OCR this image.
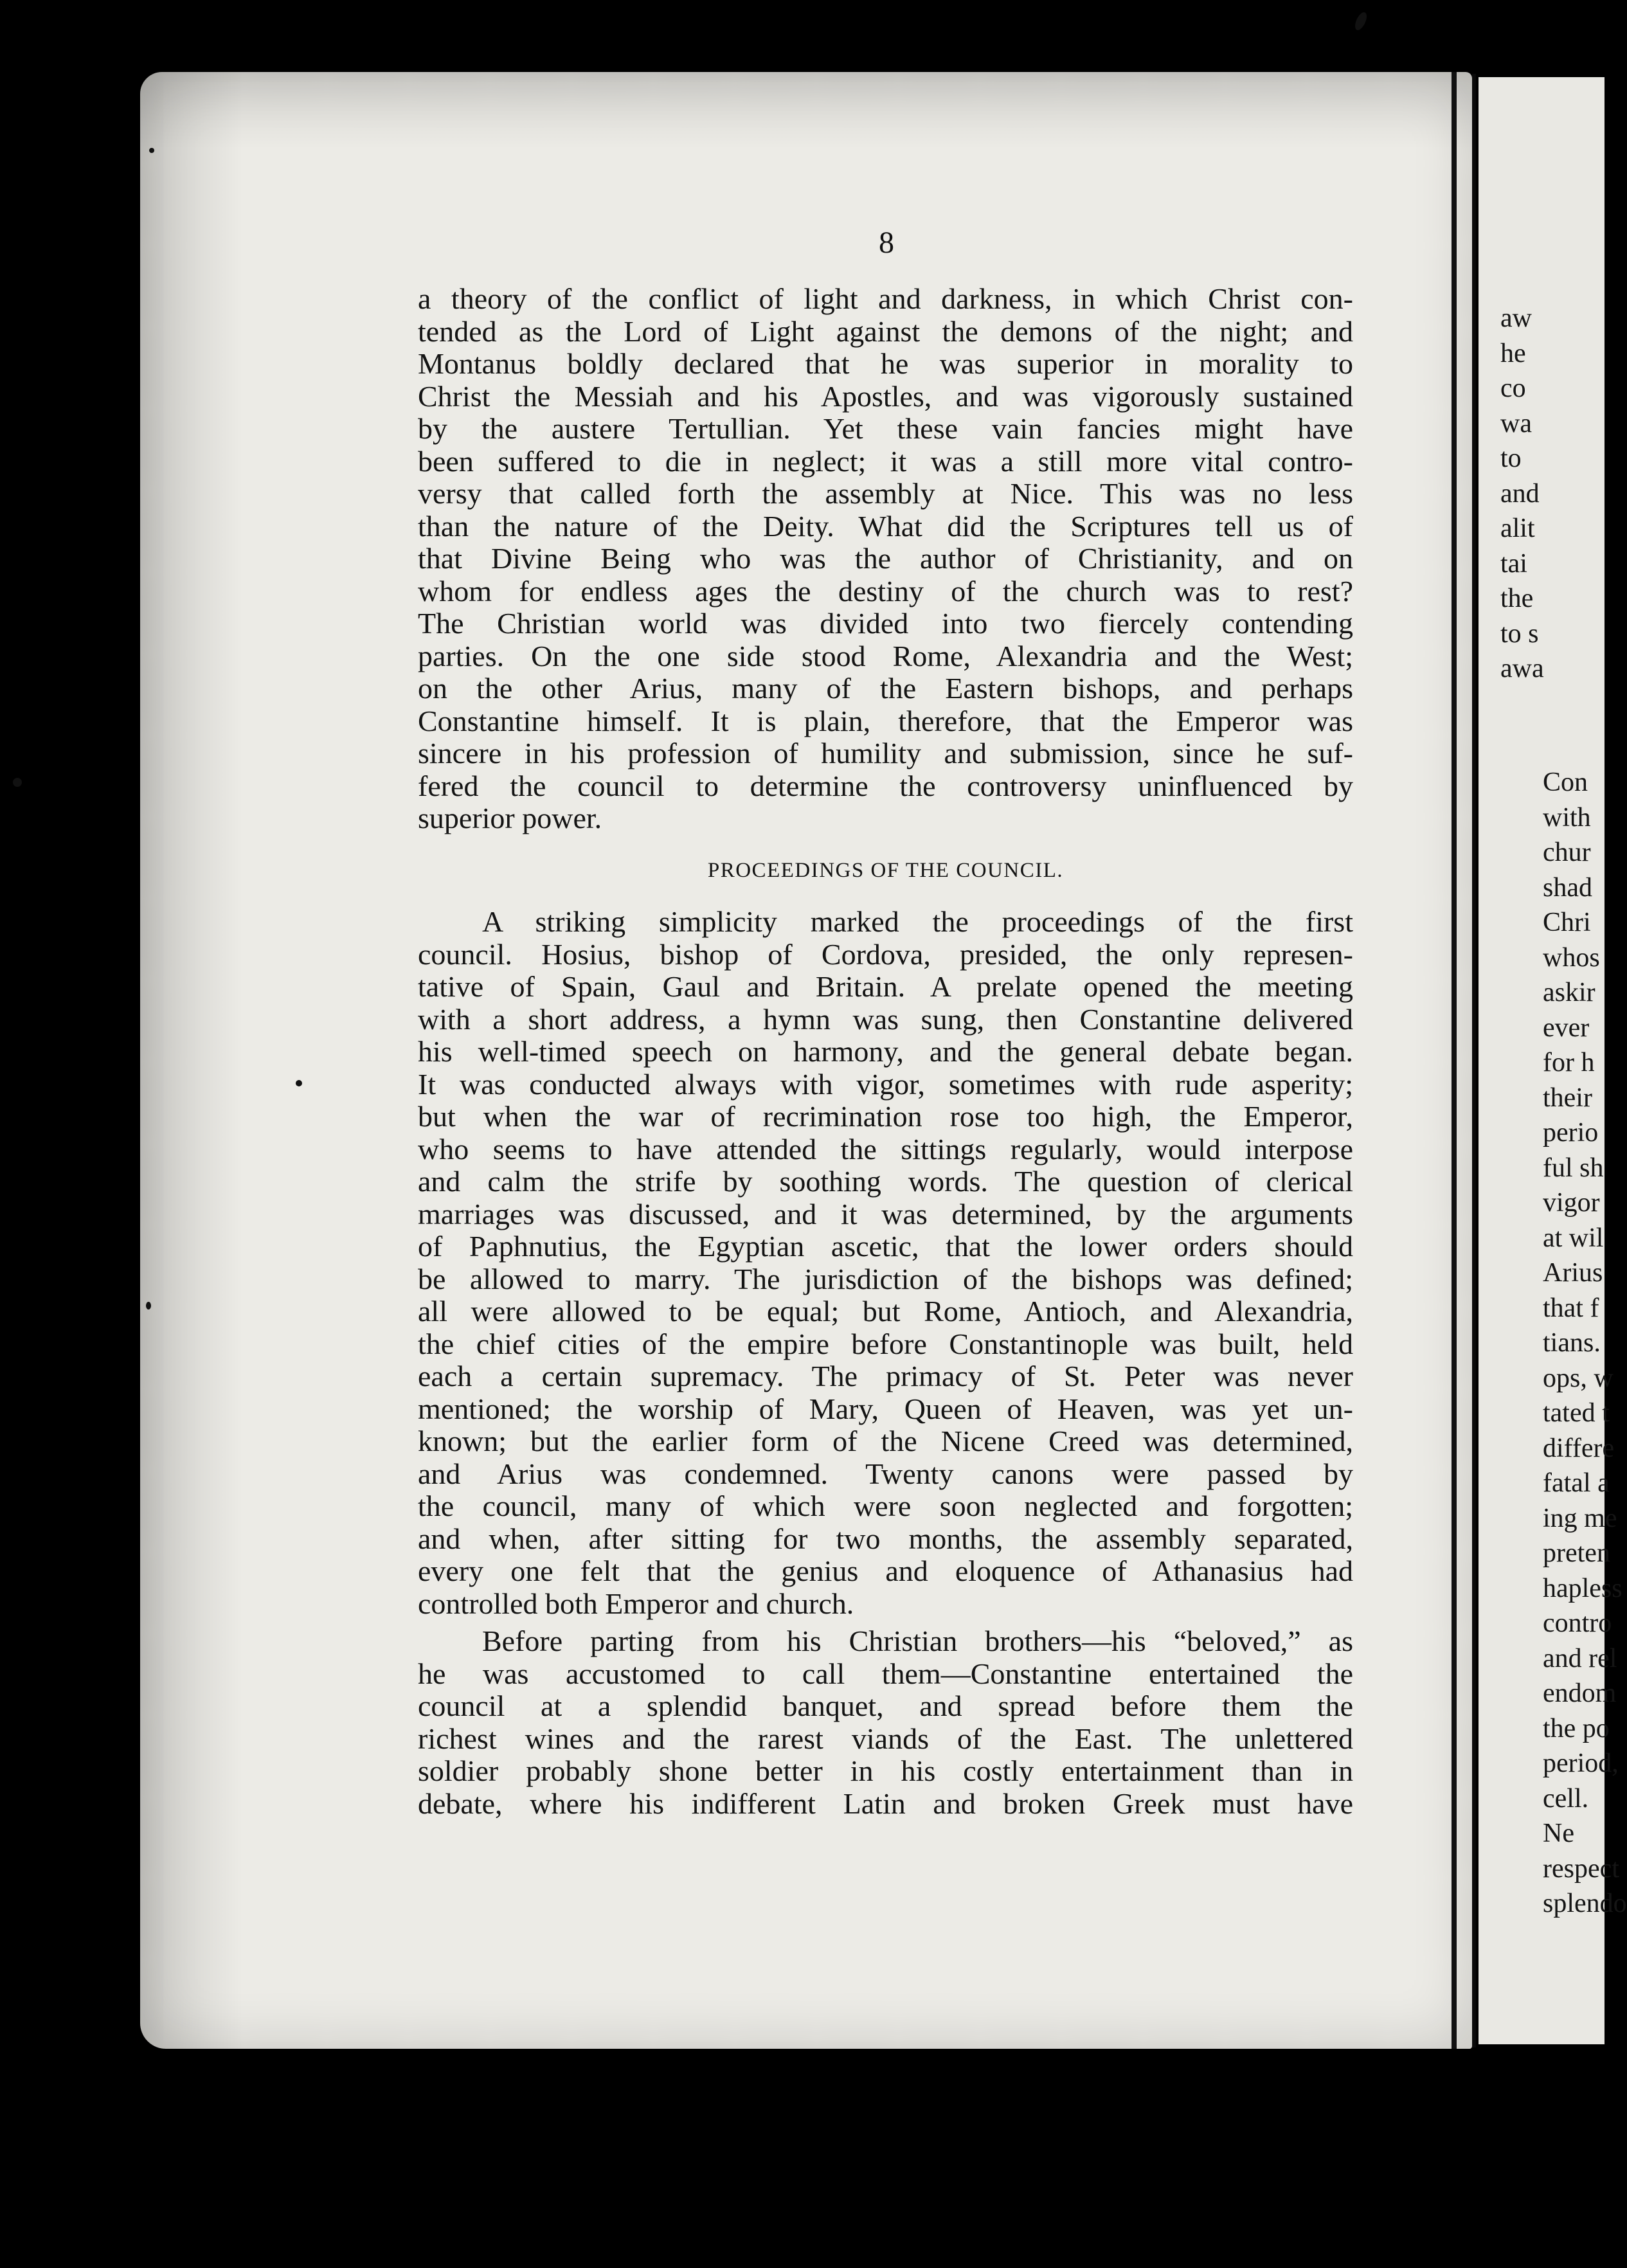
8
a theory of the conflict of light and darkness, in which Christ con-
tended as the Lord of Light against the demons of the night; and
Montanus boldly declared that he was superior in morality to
Christ the Messiah and his Apostles, and was vigorously sustained
by the austere Tertullian. Yet these vain fancies might have
been suffered to die in neglect; it was a still more vital contro-
versy that called forth the assembly at Nice. This was no less
than the nature of the Deity. What did the Scriptures tell us of
that Divine Being who was the author of Christianity, and on
whom for endless ages the destiny of the church was to rest?
The Christian world was divided into two fiercely contending
parties. On the one side stood Rome, Alexandria and the West;
on the other Arius, many of the Eastern bishops, and perhaps
Constantine himself. It is plain, therefore, that the Emperor was
sincere in his profession of humility and submission, since he suf-
fered the council to determine the controversy uninfluenced by
superior power.
PROCEEDINGS OF THE COUNCIL.
A striking simplicity marked the proceedings of the first
council. Hosius, bishop of Cordova, presided, the only represen-
tative of Spain, Gaul and Britain. A prelate opened the meeting
with a short address, a hymn was sung, then Constantine delivered
his well-timed speech on harmony, and the general debate began.
It was conducted always with vigor, sometimes with rude asperity;
but when the war of recrimination rose too high, the Emperor,
who seems to have attended the sittings regularly, would interpose
and calm the strife by soothing words. The question of clerical
marriages was discussed, and it was determined, by the arguments
of Paphnutius, the Egyptian ascetic, that the lower orders should
be allowed to marry. The jurisdiction of the bishops was defined;
all were allowed to be equal; but Rome, Antioch, and Alexandria,
the chief cities of the empire before Constantinople was built, held
each a certain supremacy. The primacy of St. Peter was never
mentioned; the worship of Mary, Queen of Heaven, was yet un-
known; but the earlier form of the Nicene Creed was determined,
and Arius was condemned. Twenty canons were passed by
the council, many of which were soon neglected and forgotten;
and when, after sitting for two months, the assembly separated,
every one felt that the genius and eloquence of Athanasius had
controlled both Emperor and church.
Before parting from his Christian brothers—his “beloved,” as
he was accustomed to call them—Constantine entertained the
council at a splendid banquet, and spread before them the
richest wines and the rarest viands of the East. The unlettered
soldier probably shone better in his costly entertainment than in
debate, where his indifferent Latin and broken Greek must have
aw
he
co
wa
to
and
alit
tai
the
to s
awa
Con
with
chur
shad
Chri
whos
askir
ever
for h
their
perio
ful sh
vigor
at wil
Arius
that f
tians.
ops, w
tated t
differe
fatal a
ing me
preten
hapless
contro
and rel
endom
the po
period,
cell.
Ne
respect
splendo
